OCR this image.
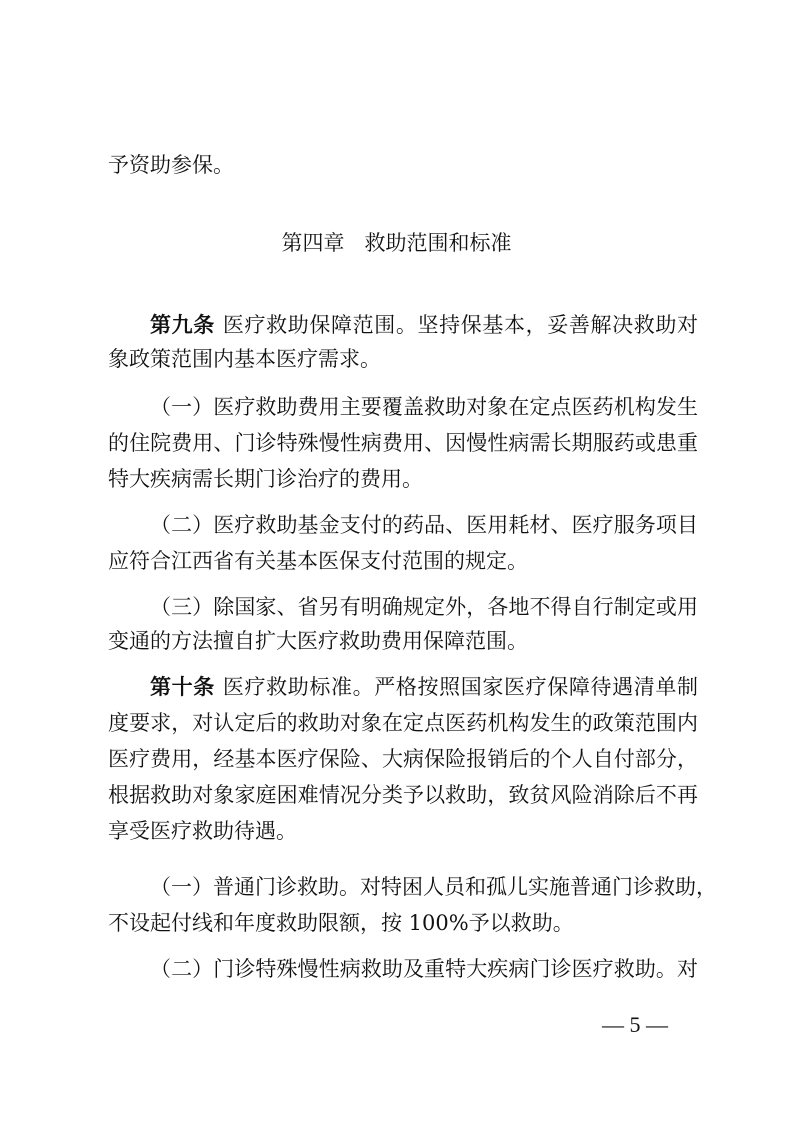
予资助参保。
第四章 救助范围和标准
第九条 医疗救助保障范围。坚持保基本，妥善解决救助对
象政策范围内基本医疗需求。
（一）医疗救助费用主要覆盖救助对象在定点医药机构发生
的住院费用、门诊特殊慢性病费用、因慢性病需长期服药或患重
特大疾病需长期门诊治疗的费用。
（二）医疗救助基金支付的药品、医用耗材、医疗服务项目
应符合江西省有关基本医保支付范围的规定。
（三）除国家、省另有明确规定外，各地不得自行制定或用
变通的方法擅自扩大医疗救助费用保障范围。
第十条 医疗救助标准。严格按照国家医疗保障待遇清单制
度要求，对认定后的救助对象在定点医药机构发生的政策范围内
医疗费用，经基本医疗保险、大病保险报销后的个人自付部分，
根据救助对象家庭困难情况分类予以救助，致贫风险消除后不再
享受医疗救助待遇。
（一）普通门诊救助。对特困人员和孤儿实施普通门诊救助，
不设起付线和年度救助限额，按 100%予以救助。
（二）门诊特殊慢性病救助及重特大疾病门诊医疗救助。对
— 5 —
